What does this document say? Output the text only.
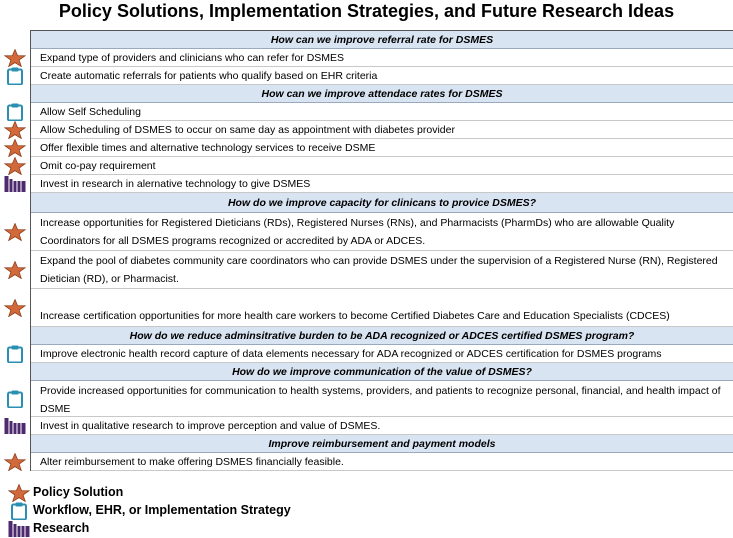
Policy Solutions, Implementation Strategies, and Future Research Ideas
How can we improve referral rate for DSMES
Expand type of providers and clinicians who can refer for DSMES
Create automatic referrals for patients who qualify based on EHR criteria
How can we improve attendace rates for DSMES
Allow Self Scheduling
Allow Scheduling of DSMES to occur on same day as appointment with diabetes provider
Offer flexible times and alternative technology services to receive DSME
Omit co-pay requirement
Invest in research in alernative technology to give DSMES
How do we improve capacity for clinicans to provice DSMES?
Increase opportunities for Registered Dieticians (RDs), Registered Nurses (RNs), and Pharmacists (PharmDs) who are allowable Quality Coordinators for all DSMES programs recognized or accredited by ADA or ADCES.
Expand the pool of diabetes community care coordinators who can provide DSMES under the supervision of a Registered Nurse (RN), Registered Dietician (RD), or Pharmacist.
Increase certification opportunities for more health care workers to become Certified Diabetes Care and Education Specialists (CDCES)
How do we reduce adminsitrative burden to be ADA recognized or ADCES certified DSMES program?
Improve electronic health record capture of data elements necessary for ADA recognized or ADCES certification for DSMES programs
How do we improve communication of the value of DSMES?
Provide increased opportunities for communication to health systems, providers, and patients to recognize personal, financial, and health impact of DSME
Invest in qualitative research to improve perception and value of DSMES.
Improve reimbursement and payment models
Alter reimbursement to make offering DSMES financially feasible.
Policy Solution
Workflow, EHR, or Implementation Strategy
Research
